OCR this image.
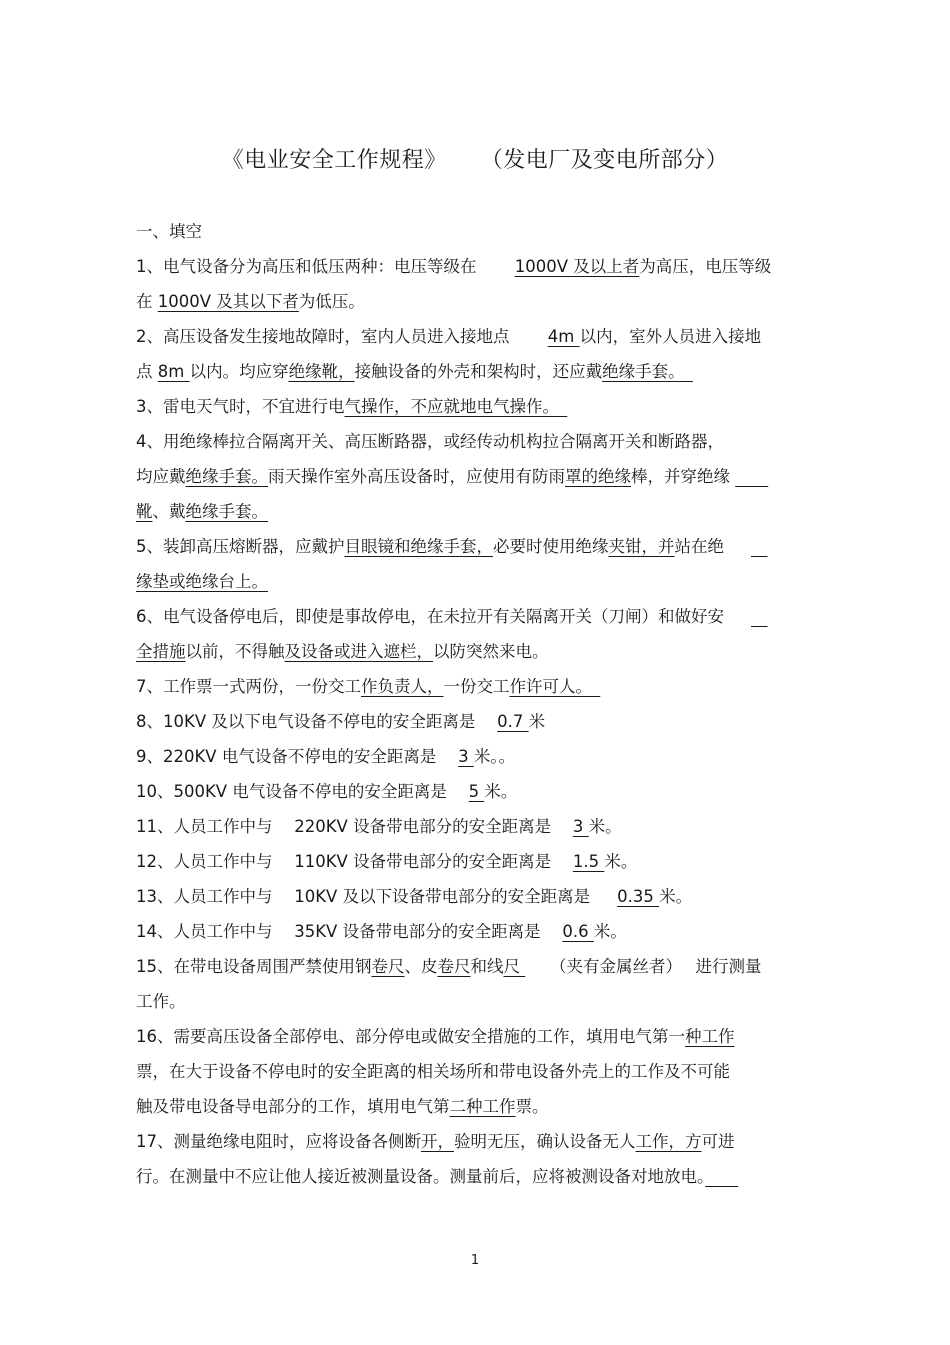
《电业安全工作规程》 （发电厂及变电所部分）
一、填空
1、电气设备分为高压和低压两种：电压等级在 　　1000V 及以上者为高压，电压等级
在 1000V 及其以下者为低压。
2、高压设备发生接地故障时，室内人员进入接地点 　　4m 以内，室外人员进入接地
点 8m 以内。均应穿绝缘靴，接触设备的外壳和架构时，还应戴绝缘手套。　
3、雷电天气时，不宜进行电气操作，不应就地电气操作。　
4、用绝缘棒拉合隔离开关、高压断路器，或经传动机构拉合隔离开关和断路器，
均应戴绝缘手套。雨天操作室外高压设备时，应使用有防雨罩的绝缘棒，并穿绝缘 　　
靴、戴绝缘手套。
5、装卸高压熔断器，应戴护目眼镜和绝缘手套，必要时使用绝缘夹钳，并站在绝 　 　
缘垫或绝缘台上。
6、电气设备停电后，即使是事故停电，在未拉开有关隔离开关（刀闸）和做好安 　 　
全措施以前，不得触及设备或进入遮栏，以防突然来电。
7、工作票一式两份，一份交工作负责人，一份交工作许可人。　
8、10KV 及以下电气设备不停电的安全距离是 　0.7 米
9、220KV 电气设备不停电的安全距离是 　3 米。。
10、500KV 电气设备不停电的安全距离是 　5 米。
11、人员工作中与 　220KV 设备带电部分的安全距离是 　3 米。
12、人员工作中与 　110KV 设备带电部分的安全距离是 　1.5 米。
13、人员工作中与 　10KV 及以下设备带电部分的安全距离是 　 0.35 米。
14、人员工作中与 　35KV 设备带电部分的安全距离是 　0.6 米。
15、在带电设备周围严禁使用钢卷尺、皮卷尺和线尺 　　（夹有金属丝者）　 进行测量
工作。
16、需要高压设备全部停电、部分停电或做安全措施的工作，填用电气第一种工作
票，在大于设备不停电时的安全距离的相关场所和带电设备外壳上的工作及不可能
触及带电设备导电部分的工作，填用电气第二种工作票。
17、测量绝缘电阻时，应将设备各侧断开，验明无压，确认设备无人工作，方可进
行。在测量中不应让他人接近被测量设备。测量前后，应将被测设备对地放电。　　
1
